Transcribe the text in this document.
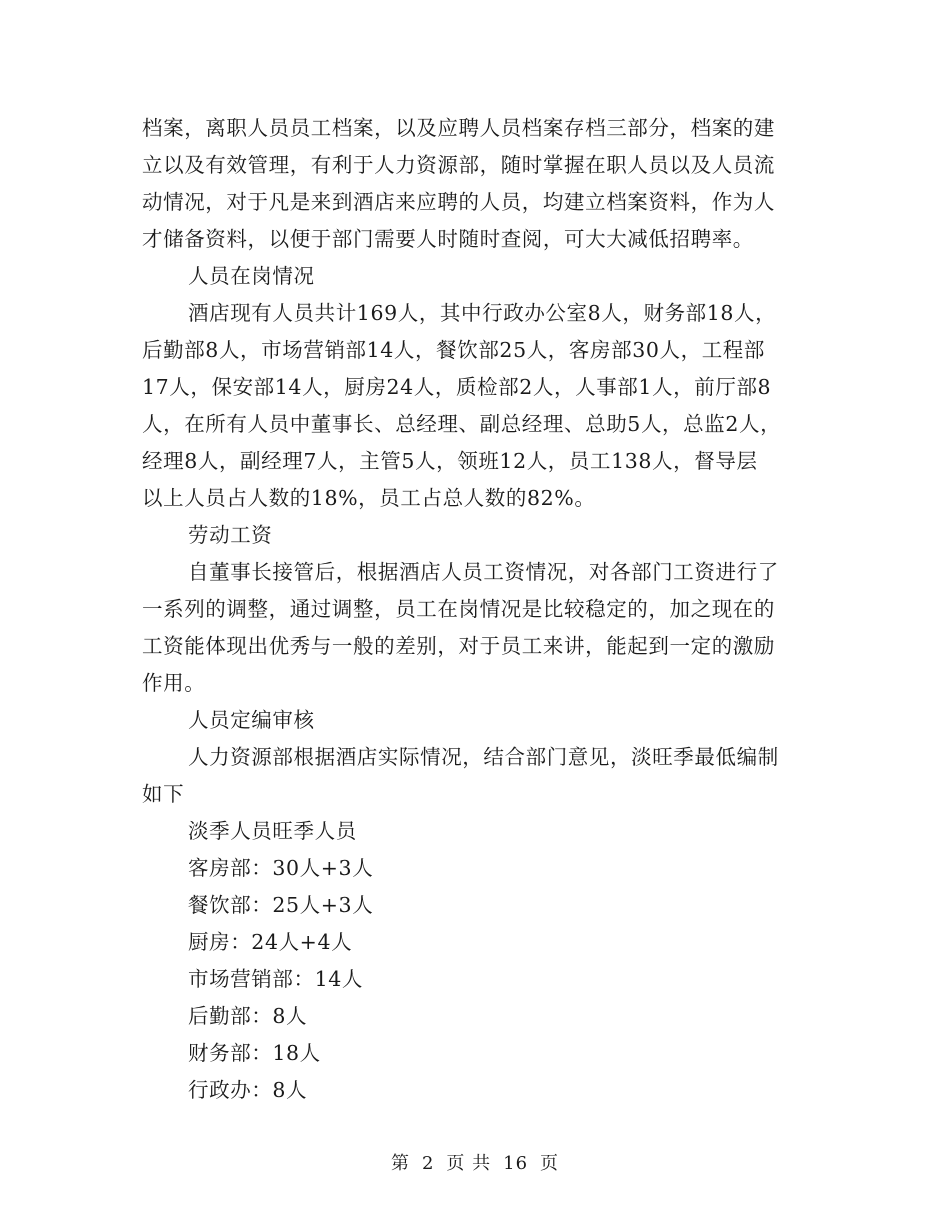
档案，离职人员员工档案，以及应聘人员档案存档三部分，档案的建
立以及有效管理，有利于人力资源部，随时掌握在职人员以及人员流
动情况，对于凡是来到酒店来应聘的人员，均建立档案资料，作为人
才储备资料，以便于部门需要人时随时查阅，可大大减低招聘率。
人员在岗情况
酒店现有人员共计169人，其中行政办公室8人，财务部18人，
后勤部8人，市场营销部14人，餐饮部25人，客房部30人，工程部
17人，保安部14人，厨房24人，质检部2人，人事部1人，前厅部8
人，在所有人员中董事长、总经理、副总经理、总助5人，总监2人，
经理8人，副经理7人，主管5人，领班12人，员工138人，督导层
以上人员占人数的18%，员工占总人数的82%。
劳动工资
自董事长接管后，根据酒店人员工资情况，对各部门工资进行了
一系列的调整，通过调整，员工在岗情况是比较稳定的，加之现在的
工资能体现出优秀与一般的差别，对于员工来讲，能起到一定的激励
作用。
人员定编审核
人力资源部根据酒店实际情况，结合部门意见，淡旺季最低编制
如下
淡季人员旺季人员
客房部：30人+3人
餐饮部：25人+3人
厨房：24人+4人
市场营销部：14人
后勤部：8人
财务部：18人
行政办：8人
第 2 页 共 16 页
